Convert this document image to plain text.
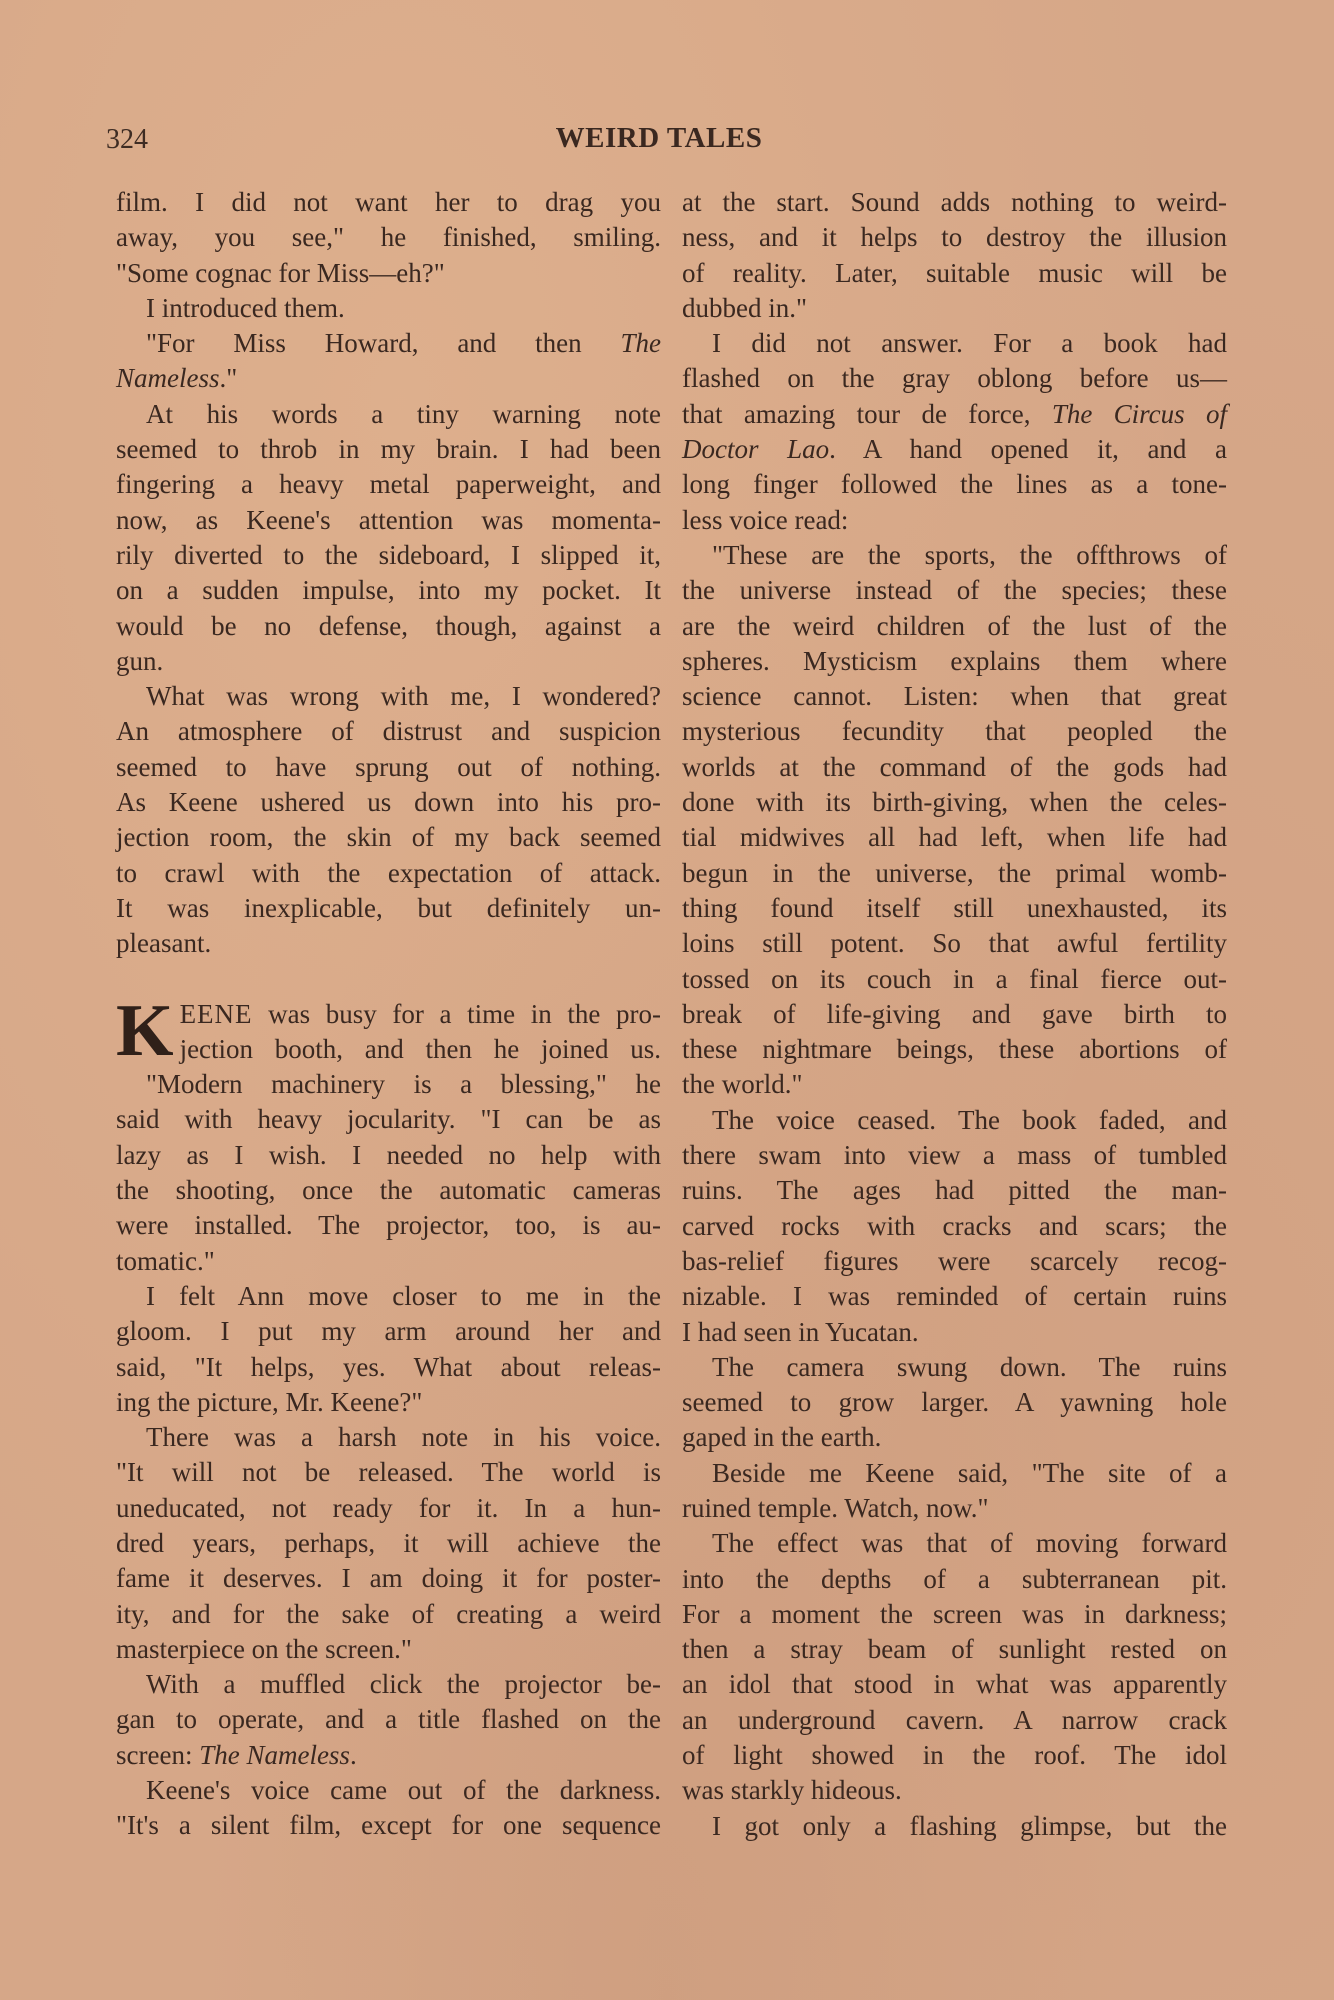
324	WEIRD TALES
film. I did not want her to drag you
away, you see," he finished, smiling.
"Some cognac for Miss—eh?"
I introduced them.
"For Miss Howard, and then The
Nameless."
At his words a tiny warning note
seemed to throb in my brain. I had been
fingering a heavy metal paperweight, and
now, as Keene's attention was momenta-
rily diverted to the sideboard, I slipped it,
on a sudden impulse, into my pocket. It
would be no defense, though, against a
gun.
What was wrong with me, I wondered?
An atmosphere of distrust and suspicion
seemed to have sprung out of nothing.
As Keene ushered us down into his pro-
jection room, the skin of my back seemed
to crawl with the expectation of attack.
It was inexplicable, but definitely un-
pleasant.
K EENE was busy for a time in the pro-
jection booth, and then he joined us.
"Modern machinery is a blessing," he
said with heavy jocularity. "I can be as
lazy as I wish. I needed no help with
the shooting, once the automatic cameras
were installed. The projector, too, is au-
tomatic."
I felt Ann move closer to me in the
gloom. I put my arm around her and
said, "It helps, yes. What about releas-
ing the picture, Mr. Keene?"
There was a harsh note in his voice.
"It will not be released. The world is
uneducated, not ready for it. In a hun-
dred years, perhaps, it will achieve the
fame it deserves. I am doing it for poster-
ity, and for the sake of creating a weird
masterpiece on the screen."
With a muffled click the projector be-
gan to operate, and a title flashed on the
screen: The Nameless.
Keene's voice came out of the darkness.
"It's a silent film, except for one sequence
at the start. Sound adds nothing to weird-
ness, and it helps to destroy the illusion
of reality. Later, suitable music will be
dubbed in."
I did not answer. For a book had
flashed on the gray oblong before us—
that amazing tour de force, The Circus of
Doctor Lao. A hand opened it, and a
long finger followed the lines as a tone-
less voice read:
"These are the sports, the offthrows of
the universe instead of the species; these
are the weird children of the lust of the
spheres. Mysticism explains them where
science cannot. Listen: when that great
mysterious fecundity that peopled the
worlds at the command of the gods had
done with its birth-giving, when the celes-
tial midwives all had left, when life had
begun in the universe, the primal womb-
thing found itself still unexhausted, its
loins still potent. So that awful fertility
tossed on its couch in a final fierce out-
break of life-giving and gave birth to
these nightmare beings, these abortions of
the world."
The voice ceased. The book faded, and
there swam into view a mass of tumbled
ruins. The ages had pitted the man-
carved rocks with cracks and scars; the
bas-relief figures were scarcely recog-
nizable. I was reminded of certain ruins
I had seen in Yucatan.
The camera swung down. The ruins
seemed to grow larger. A yawning hole
gaped in the earth.
Beside me Keene said, "The site of a
ruined temple. Watch, now."
The effect was that of moving forward
into the depths of a subterranean pit.
For a moment the screen was in darkness;
then a stray beam of sunlight rested on
an idol that stood in what was apparently
an underground cavern. A narrow crack
of light showed in the roof. The idol
was starkly hideous.
I got only a flashing glimpse, but the
